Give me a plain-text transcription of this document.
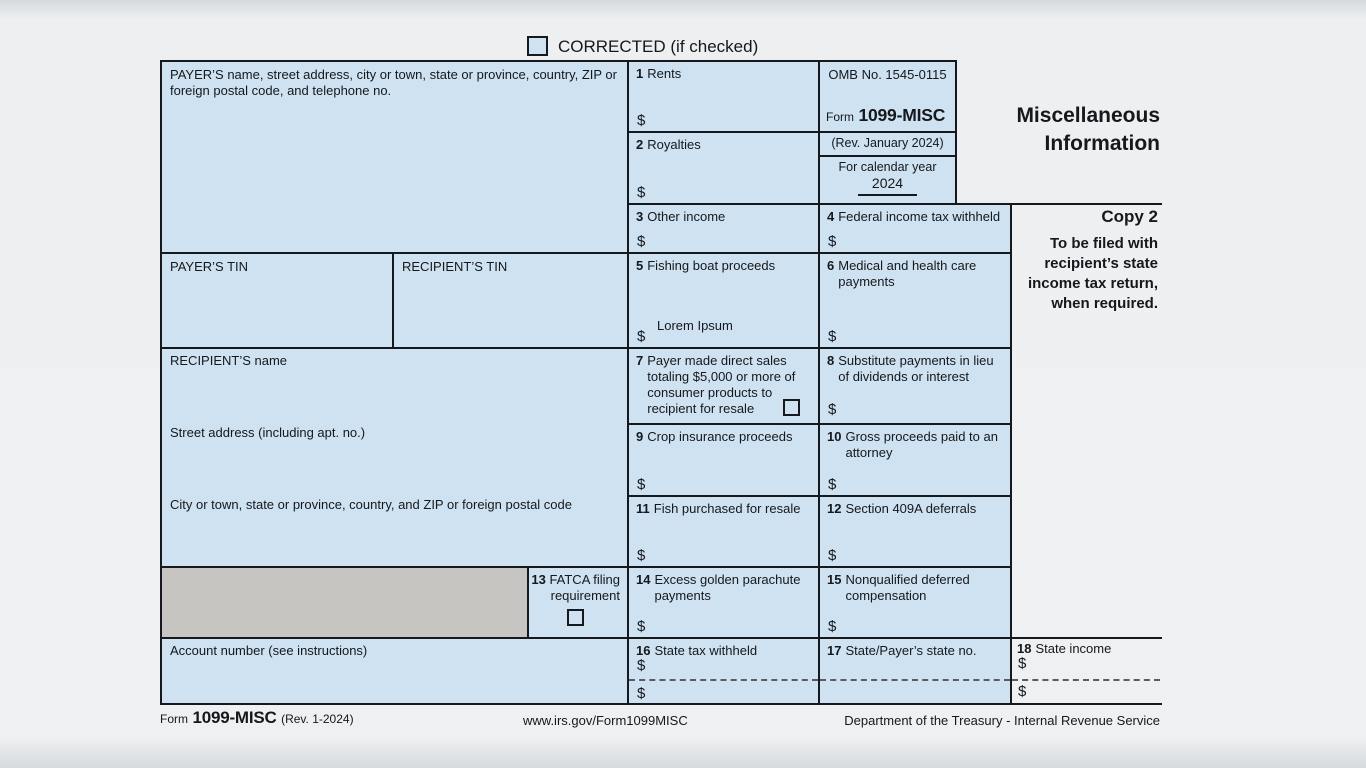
CORRECTED (if checked)
Miscellaneous Information
Copy 2
To be filed with recipient’s state income tax return, when required.
PAYER’S name, street address, city or town, state or province, country, ZIP or foreign postal code, and telephone no.
1 Rents
$
OMB No. 1545-0115
Form 1099-MISC
2 Royalties
$
(Rev. January 2024)
For calendar year
2024
3 Other income
$
4 Federal income tax withheld
$
PAYER’S TIN	RECIPIENT’S TIN	5 Fishing boat proceeds
$
Lorem Ipsum
6 Medical and health care payments
$
RECIPIENT’S name
Street address (including apt. no.)
City or town, state or province, country, and ZIP or foreign postal code
7 Payer made direct sales totaling $5,000 or more of consumer products to recipient for resale
8 Substitute payments in lieu of dividends or interest
$
9 Crop insurance proceeds
$
10 Gross proceeds paid to an attorney
$
11 Fish purchased for resale
$
12 Section 409A deferrals
$
13 FATCA filing requirement
14 Excess golden parachute payments
$
15 Nonqualified deferred compensation
$
Account number (see instructions)	16 State tax withheld
$
$
17 State/Payer’s state no.	18 State income
$
$
Form 1099-MISC (Rev. 1-2024)	www.irs.gov/Form1099MISC	Department of the Treasury - Internal Revenue Service
